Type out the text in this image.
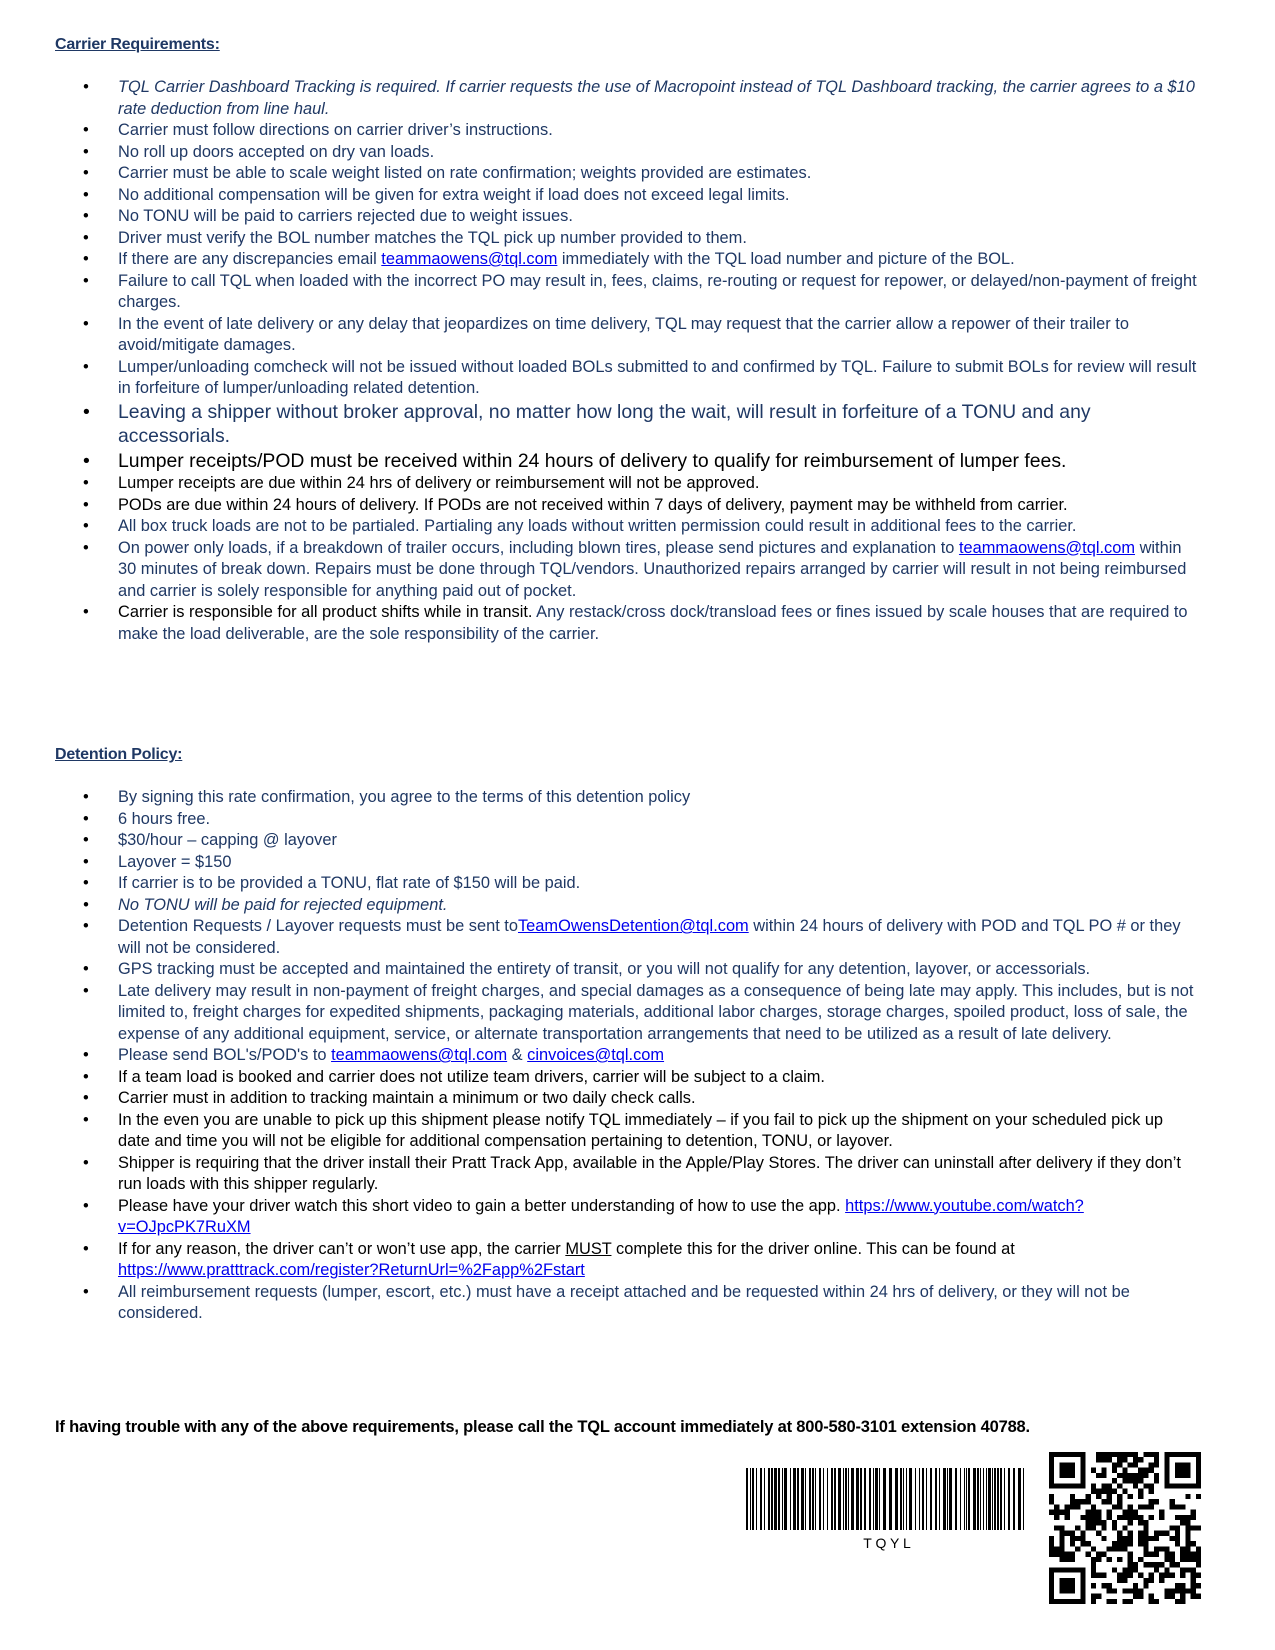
Carrier Requirements:
• TQL Carrier Dashboard Tracking is required. If carrier requests the use of Macropoint instead of TQL Dashboard tracking, the carrier agrees to a $10 rate deduction from line haul.
• Carrier must follow directions on carrier driver’s instructions.
• No roll up doors accepted on dry van loads.
• Carrier must be able to scale weight listed on rate confirmation; weights provided are estimates.
• No additional compensation will be given for extra weight if load does not exceed legal limits.
• No TONU will be paid to carriers rejected due to weight issues.
• Driver must verify the BOL number matches the TQL pick up number provided to them.
• If there are any discrepancies email teammaowens@tql.com immediately with the TQL load number and picture of the BOL.
• Failure to call TQL when loaded with the incorrect PO may result in, fees, claims, re-routing or request for repower, or delayed/non-payment of freight charges.
• In the event of late delivery or any delay that jeopardizes on time delivery, TQL may request that the carrier allow a repower of their trailer to avoid/mitigate damages.
• Lumper/unloading comcheck will not be issued without loaded BOLs submitted to and confirmed by TQL. Failure to submit BOLs for review will result in forfeiture of lumper/unloading related detention.
• Leaving a shipper without broker approval, no matter how long the wait, will result in forfeiture of a TONU and any accessorials.
• Lumper receipts/POD must be received within 24 hours of delivery to qualify for reimbursement of lumper fees.
• Lumper receipts are due within 24 hrs of delivery or reimbursement will not be approved.
• PODs are due within 24 hours of delivery. If PODs are not received within 7 days of delivery, payment may be withheld from carrier.
• All box truck loads are not to be partialed. Partialing any loads without written permission could result in additional fees to the carrier.
• On power only loads, if a breakdown of trailer occurs, including blown tires, please send pictures and explanation to teammaowens@tql.com within 30 minutes of break down. Repairs must be done through TQL/vendors. Unauthorized repairs arranged by carrier will result in not being reimbursed and carrier is solely responsible for anything paid out of pocket.
• Carrier is responsible for all product shifts while in transit. Any restack/cross dock/transload fees or fines issued by scale houses that are required to make the load deliverable, are the sole responsibility of the carrier.
Detention Policy:
• By signing this rate confirmation, you agree to the terms of this detention policy
• 6 hours free.
• $30/hour – capping @ layover
• Layover = $150
• If carrier is to be provided a TONU, flat rate of $150 will be paid.
• No TONU will be paid for rejected equipment.
• Detention Requests / Layover requests must be sent toTeamOwensDetention@tql.com within 24 hours of delivery with POD and TQL PO # or they will not be considered.
• GPS tracking must be accepted and maintained the entirety of transit, or you will not qualify for any detention, layover, or accessorials.
• Late delivery may result in non-payment of freight charges, and special damages as a consequence of being late may apply. This includes, but is not limited to, freight charges for expedited shipments, packaging materials, additional labor charges, storage charges, spoiled product, loss of sale, the expense of any additional equipment, service, or alternate transportation arrangements that need to be utilized as a result of late delivery.
• Please send BOL's/POD's to teammaowens@tql.com & cinvoices@tql.com
• If a team load is booked and carrier does not utilize team drivers, carrier will be subject to a claim.
• Carrier must in addition to tracking maintain a minimum or two daily check calls.
• In the even you are unable to pick up this shipment please notify TQL immediately – if you fail to pick up the shipment on your scheduled pick up date and time you will not be eligible for additional compensation pertaining to detention, TONU, or layover.
• Shipper is requiring that the driver install their Pratt Track App, available in the Apple/Play Stores. The driver can uninstall after delivery if they don’t run loads with this shipper regularly.
• Please have your driver watch this short video to gain a better understanding of how to use the app. https://www.youtube.com/watch?v=OJpcPK7RuXM
• If for any reason, the driver can’t or won’t use app, the carrier MUST complete this for the driver online. This can be found at https://www.pratttrack.com/register?ReturnUrl=%2Fapp%2Fstart
• All reimbursement requests (lumper, escort, etc.) must have a receipt attached and be requested within 24 hrs of delivery, or they will not be considered.
If having trouble with any of the above requirements, please call the TQL account immediately at 800-580-3101 extension 40788.
T Q Y L
